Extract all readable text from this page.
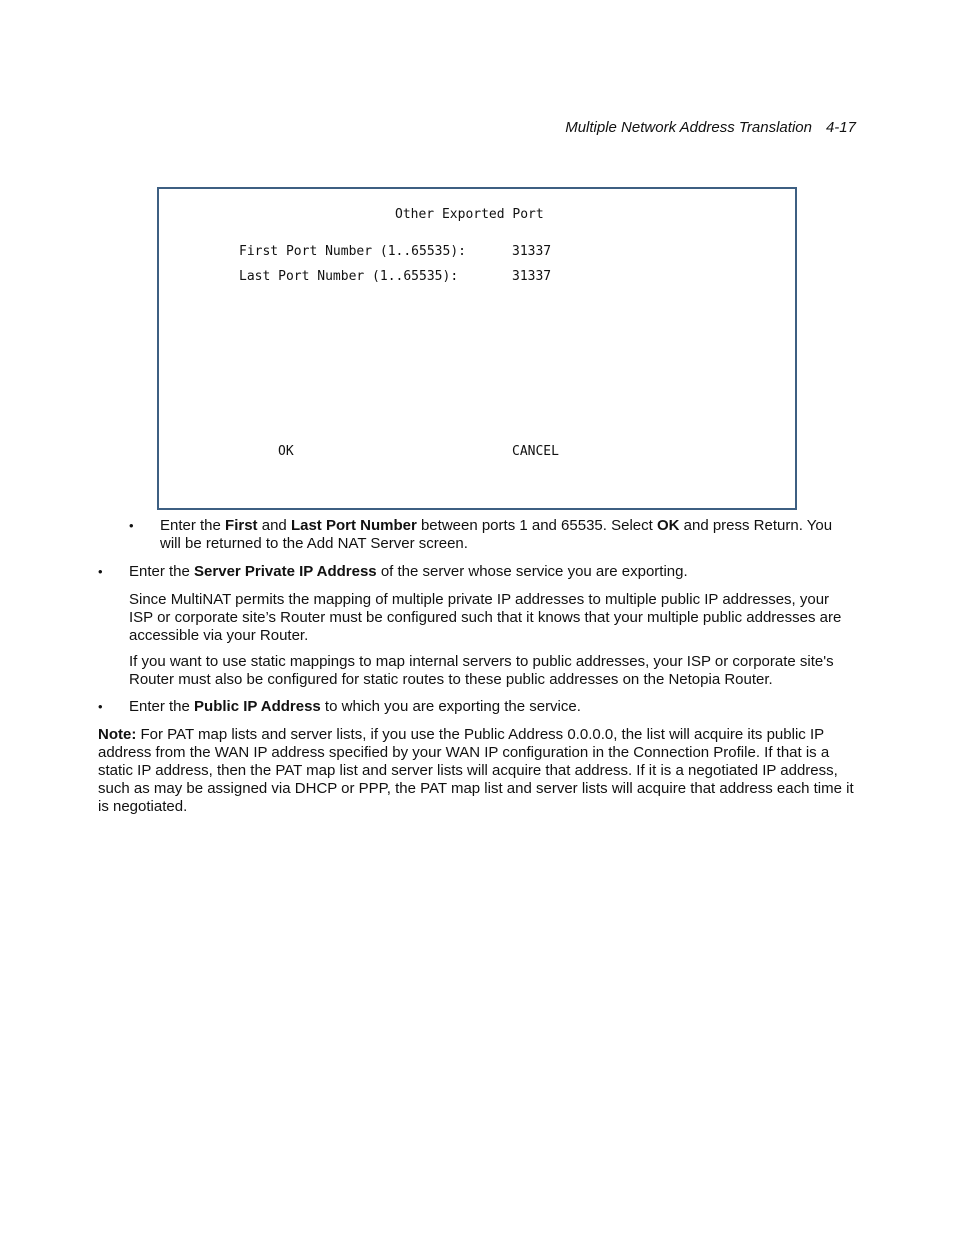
Multiple Network Address Translation 4-17
Other Exported Port
First Port Number (1..65535):	31337
Last Port Number (1..65535):	31337
OK	CANCEL
• Enter the First and Last Port Number between ports 1 and 65535. Select OK and press Return. You will be returned to the Add NAT Server screen.
• Enter the Server Private IP Address of the server whose service you are exporting.
Since MultiNAT permits the mapping of multiple private IP addresses to multiple public IP addresses, your ISP or corporate site’s Router must be configured such that it knows that your multiple public addresses are accessible via your Router.
If you want to use static mappings to map internal servers to public addresses, your ISP or corporate site's Router must also be configured for static routes to these public addresses on the Netopia Router.
• Enter the Public IP Address to which you are exporting the service.
Note: For PAT map lists and server lists, if you use the Public Address 0.0.0.0, the list will acquire its public IP address from the WAN IP address specified by your WAN IP configuration in the Connection Profile. If that is a static IP address, then the PAT map list and server lists will acquire that address. If it is a negotiated IP address, such as may be assigned via DHCP or PPP, the PAT map list and server lists will acquire that address each time it is negotiated.
